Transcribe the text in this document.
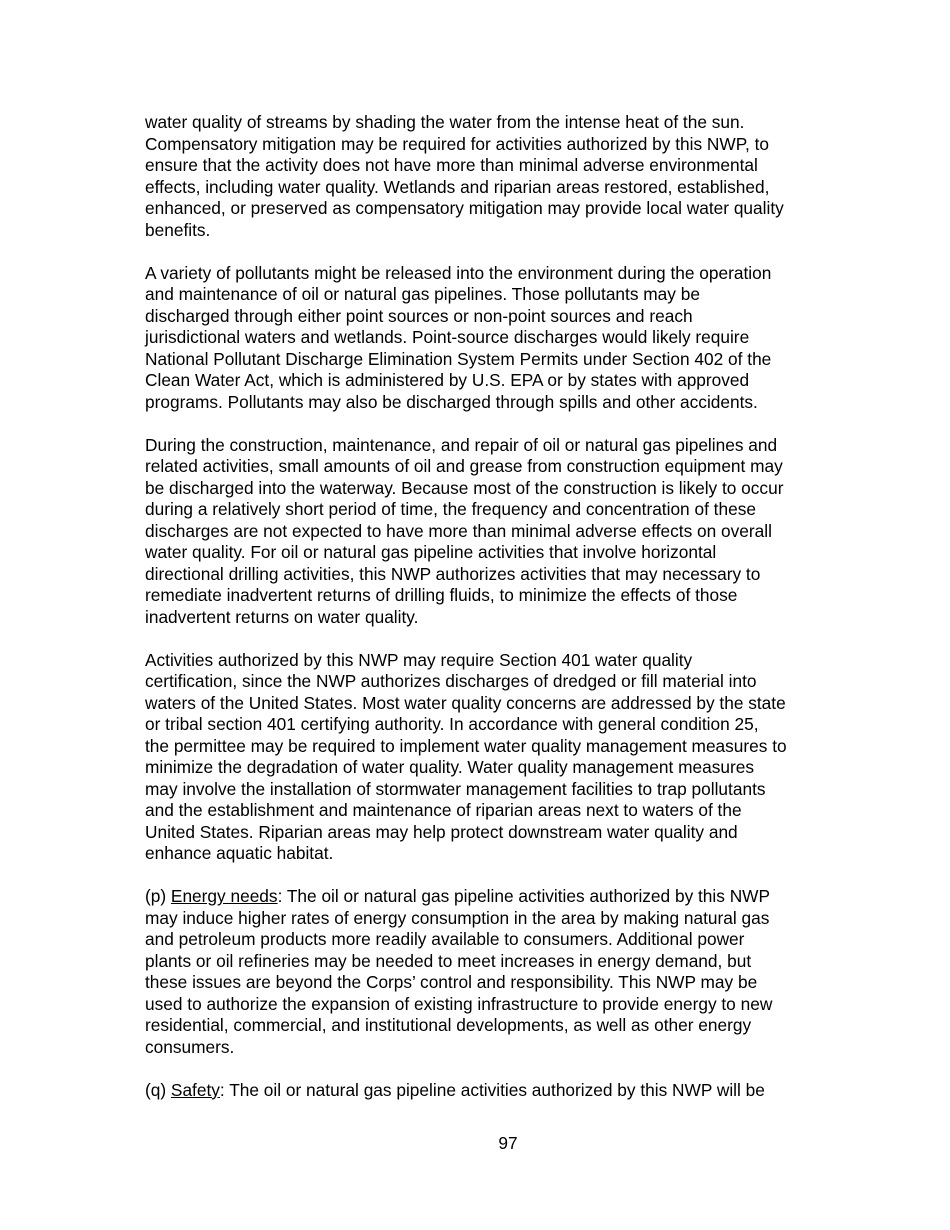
water quality of streams by shading the water from the intense heat of the sun.
Compensatory mitigation may be required for activities authorized by this NWP, to
ensure that the activity does not have more than minimal adverse environmental
effects, including water quality. Wetlands and riparian areas restored, established,
enhanced, or preserved as compensatory mitigation may provide local water quality
benefits.

A variety of pollutants might be released into the environment during the operation
and maintenance of oil or natural gas pipelines. Those pollutants may be
discharged through either point sources or non-point sources and reach
jurisdictional waters and wetlands. Point-source discharges would likely require
National Pollutant Discharge Elimination System Permits under Section 402 of the
Clean Water Act, which is administered by U.S. EPA or by states with approved
programs. Pollutants may also be discharged through spills and other accidents.

During the construction, maintenance, and repair of oil or natural gas pipelines and
related activities, small amounts of oil and grease from construction equipment may
be discharged into the waterway. Because most of the construction is likely to occur
during a relatively short period of time, the frequency and concentration of these
discharges are not expected to have more than minimal adverse effects on overall
water quality. For oil or natural gas pipeline activities that involve horizontal
directional drilling activities, this NWP authorizes activities that may necessary to
remediate inadvertent returns of drilling fluids, to minimize the effects of those
inadvertent returns on water quality.

Activities authorized by this NWP may require Section 401 water quality
certification, since the NWP authorizes discharges of dredged or fill material into
waters of the United States. Most water quality concerns are addressed by the state
or tribal section 401 certifying authority. In accordance with general condition 25,
the permittee may be required to implement water quality management measures to
minimize the degradation of water quality. Water quality management measures
may involve the installation of stormwater management facilities to trap pollutants
and the establishment and maintenance of riparian areas next to waters of the
United States. Riparian areas may help protect downstream water quality and
enhance aquatic habitat.

(p) Energy needs: The oil or natural gas pipeline activities authorized by this NWP
may induce higher rates of energy consumption in the area by making natural gas
and petroleum products more readily available to consumers. Additional power
plants or oil refineries may be needed to meet increases in energy demand, but
these issues are beyond the Corps’ control and responsibility. This NWP may be
used to authorize the expansion of existing infrastructure to provide energy to new
residential, commercial, and institutional developments, as well as other energy
consumers.

(q) Safety: The oil or natural gas pipeline activities authorized by this NWP will be

97
